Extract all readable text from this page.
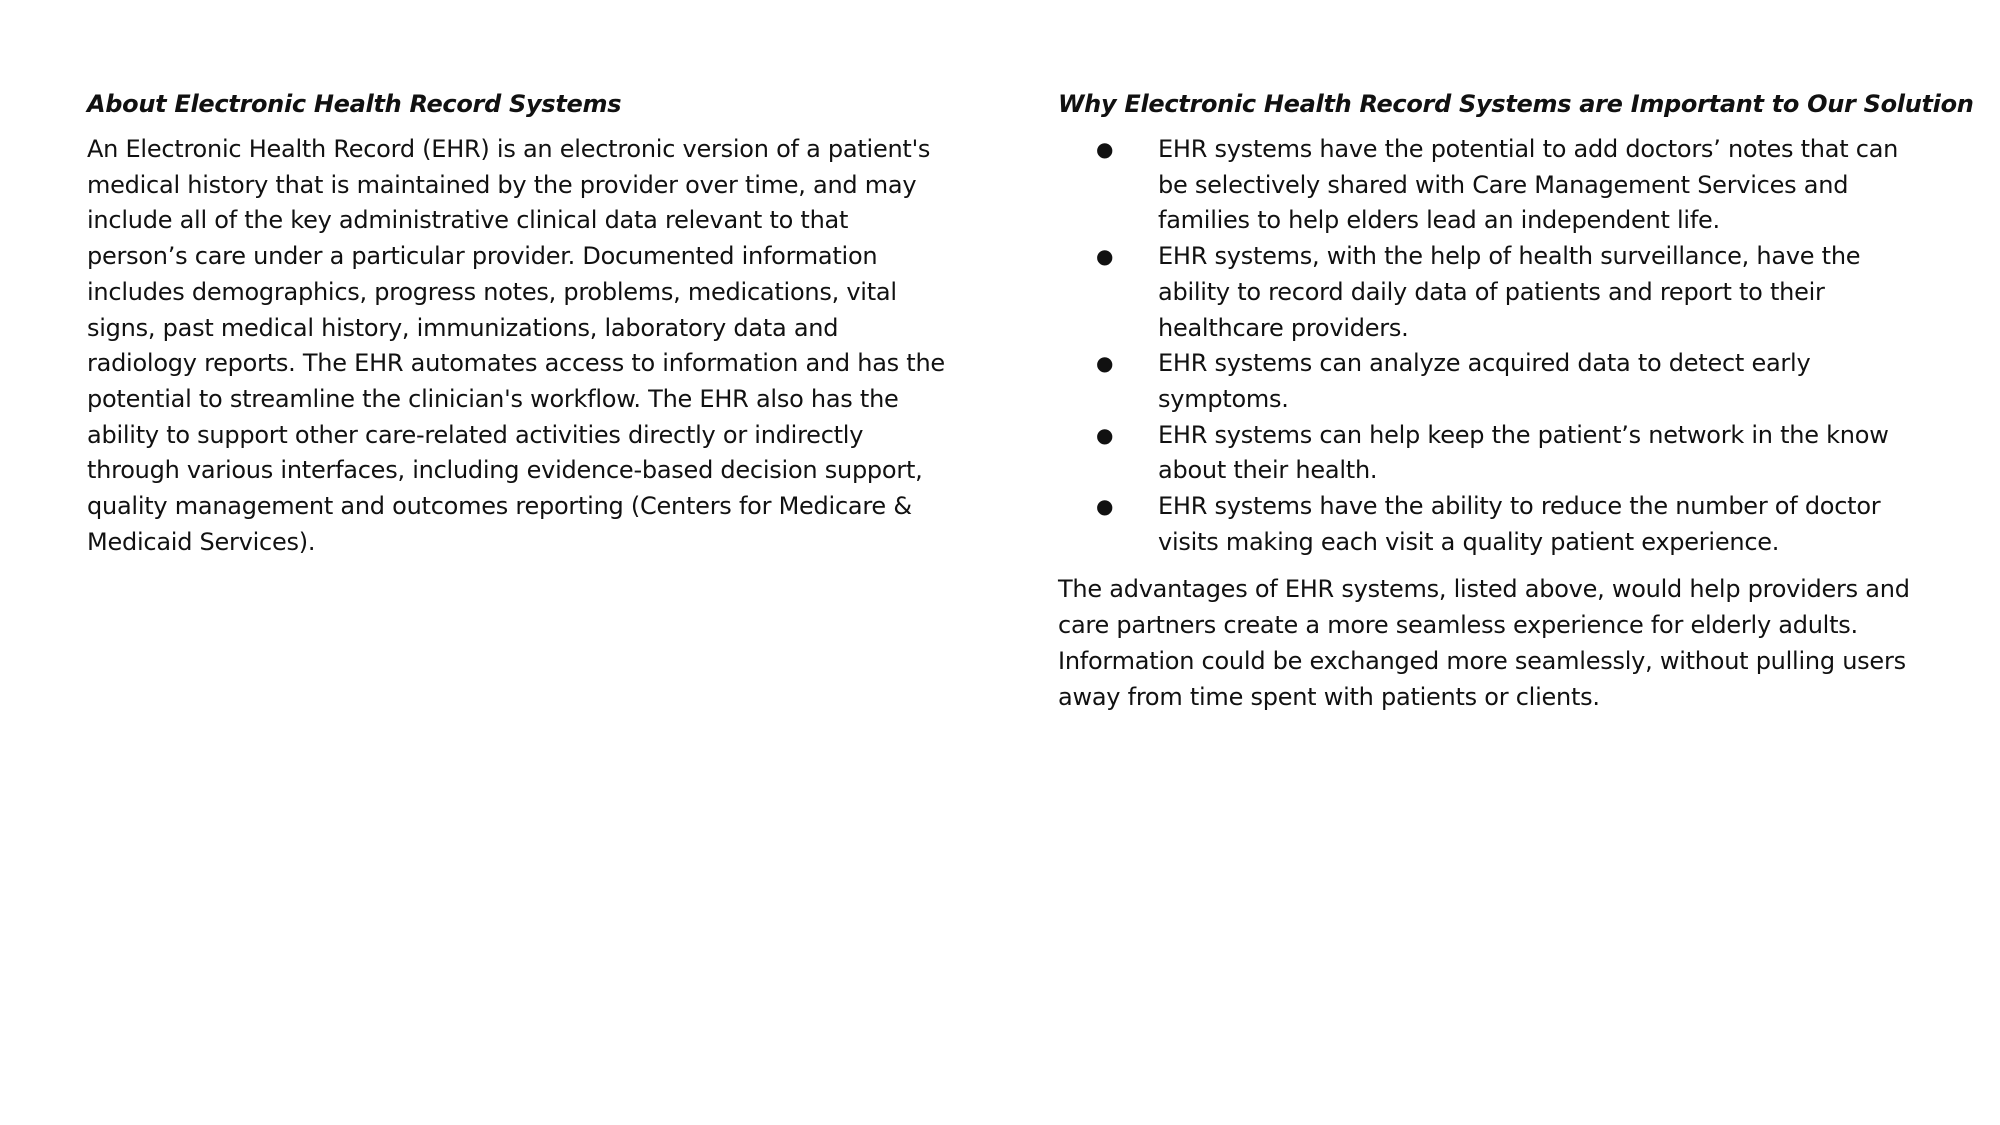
About Electronic Health Record Systems

An Electronic Health Record (EHR) is an electronic version of a patient's medical history that is maintained by the provider over time, and may include all of the key administrative clinical data relevant to that person’s care under a particular provider. Documented information includes demographics, progress notes, problems, medications, vital signs, past medical history, immunizations, laboratory data and radiology reports. The EHR automates access to information and has the potential to streamline the clinician's workflow. The EHR also has the ability to support other care-related activities directly or indirectly through various interfaces, including evidence-based decision support, quality management and outcomes reporting (Centers for Medicare & Medicaid Services).

Why Electronic Health Record Systems are Important to Our Solution
● EHR systems have the potential to add doctors’ notes that can be selectively shared with Care Management Services and families to help elders lead an independent life.
● EHR systems, with the help of health surveillance, have the ability to record daily data of patients and report to their healthcare providers.
● EHR systems can analyze acquired data to detect early symptoms.
● EHR systems can help keep the patient’s network in the know about their health.
● EHR systems have the ability to reduce the number of doctor visits making each visit a quality patient experience.

The advantages of EHR systems, listed above, would help providers and care partners create a more seamless experience for elderly adults. Information could be exchanged more seamlessly, without pulling users away from time spent with patients or clients.
